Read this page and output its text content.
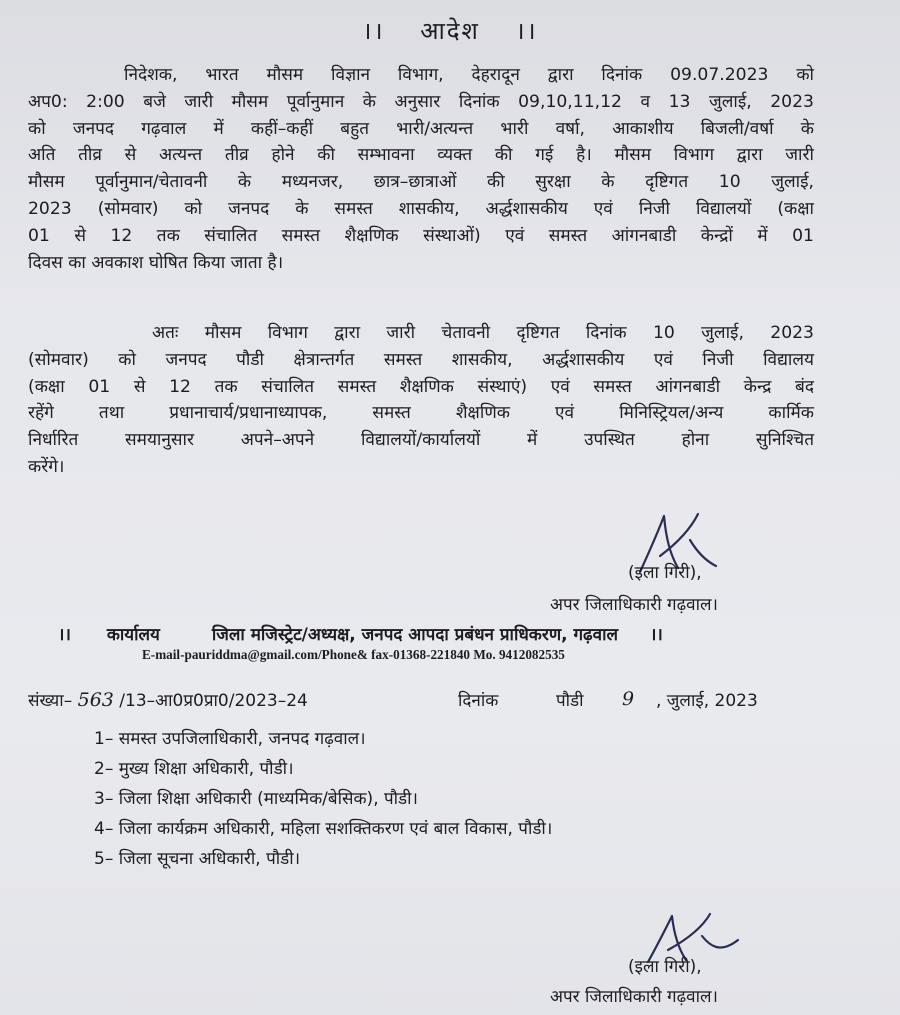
।। आदेश ।।
निदेशक, भारत मौसम विज्ञान विभाग, देहरादून द्वारा दिनांक 09.07.2023 को
अप0: 2:00 बजे जारी मौसम पूर्वानुमान के अनुसार दिनांक 09,10,11,12 व 13 जुलाई, 2023
को जनपद गढ़वाल में कहीं–कहीं बहुत भारी/अत्यन्त भारी वर्षा, आकाशीय बिजली/वर्षा के
अति तीव्र से अत्यन्त तीव्र होने की सम्भावना व्यक्त की गई है। मौसम विभाग द्वारा जारी
मौसम पूर्वानुमान/चेतावनी के मध्यनजर, छात्र–छात्राओं की सुरक्षा के दृष्टिगत 10 जुलाई,
2023 (सोमवार) को जनपद के समस्त शासकीय, अर्द्धशासकीय एवं निजी विद्यालयों (कक्षा
01 से 12 तक संचालित समस्त शैक्षणिक संस्थाओं) एवं समस्त आंगनबाडी केन्द्रों में 01
दिवस का अवकाश घोषित किया जाता है।
अतः मौसम विभाग द्वारा जारी चेतावनी दृष्टिगत दिनांक 10 जुलाई, 2023
(सोमवार) को जनपद पौडी क्षेत्रान्तर्गत समस्त शासकीय, अर्द्धशासकीय एवं निजी विद्यालय
(कक्षा 01 से 12 तक संचालित समस्त शैक्षणिक संस्थाएं) एवं समस्त आंगनबाडी केन्द्र बंद
रहेंगे तथा प्रधानाचार्य/प्रधानाध्यापक, समस्त शैक्षणिक एवं मिनिस्ट्रियल/अन्य कार्मिक
निर्धारित समयानुसार अपने–अपने विद्यालयों/कार्यालयों में उपस्थित होना सुनिश्चित
करेंगे।
(इला गिरी),
अपर जिलाधिकारी गढ़वाल।
।। कार्यालय	जिला मजिस्ट्रेट/अध्यक्ष, जनपद आपदा प्रबंधन प्राधिकरण, गढ़वाल ।।
E-mail-pauriddma@gmail.com/Phone& fax-01368-221840 Mo. 9412082535
संख्या– 563 /13–आ0प्र0प्रा0/2023–24	दिनांक	पौडी 9 , जुलाई, 2023
1– समस्त उपजिलाधिकारी, जनपद गढ़वाल।
2– मुख्य शिक्षा अधिकारी, पौडी।
3– जिला शिक्षा अधिकारी (माध्यमिक/बेसिक), पौडी।
4– जिला कार्यक्रम अधिकारी, महिला सशक्तिकरण एवं बाल विकास, पौडी।
5– जिला सूचना अधिकारी, पौडी।
(इला गिरी),
अपर जिलाधिकारी गढ़वाल।
